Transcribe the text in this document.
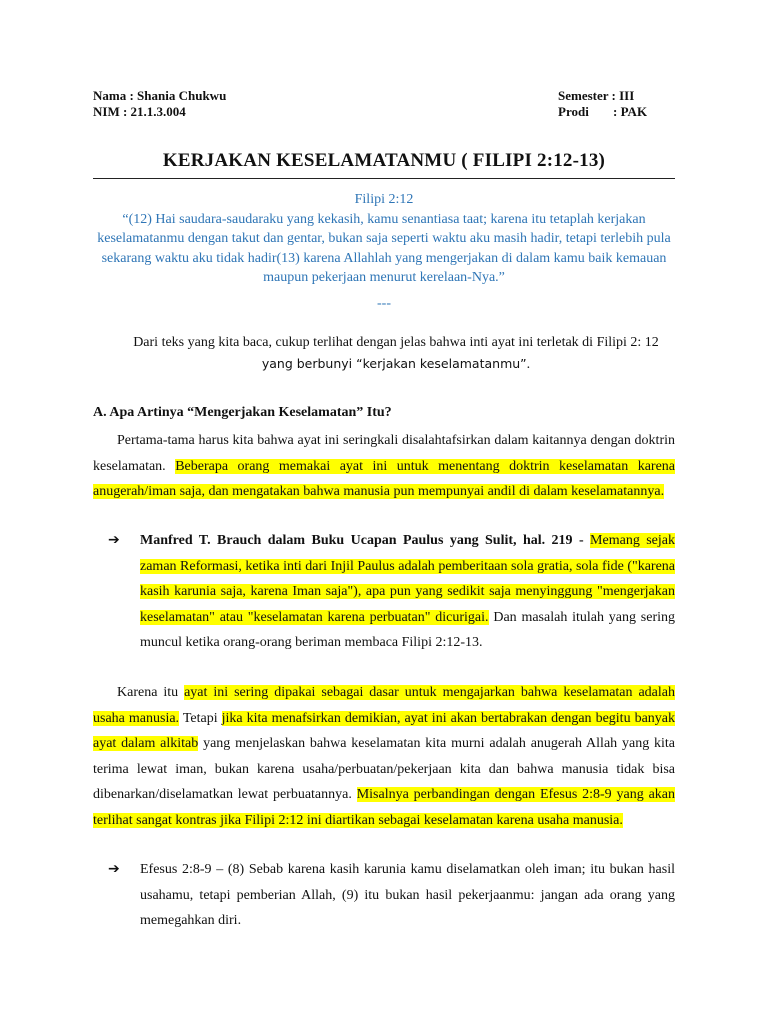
Nama : Shania Chukwu
NIM : 21.1.3.004
Semester : III
Prodi : PAK
KERJAKAN KESELAMATANMU ( FILIPI 2:12-13)
Filipi 2:12
“(12) Hai saudara-saudaraku yang kekasih, kamu senantiasa taat; karena itu tetaplah kerjakan keselamatanmu dengan takut dan gentar, bukan saja seperti waktu aku masih hadir, tetapi terlebih pula sekarang waktu aku tidak hadir(13) karena Allahlah yang mengerjakan di dalam kamu baik kemauan maupun pekerjaan menurut kerelaan-Nya.”
---
Dari teks yang kita baca, cukup terlihat dengan jelas bahwa inti ayat ini terletak di Filipi 2: 12 yang berbunyi “kerjakan keselamatanmu”.
A. Apa Artinya “Mengerjakan Keselamatan” Itu?
Pertama-tama harus kita bahwa ayat ini seringkali disalahtafsirkan dalam kaitannya dengan doktrin keselamatan. Beberapa orang memakai ayat ini untuk menentang doktrin keselamatan karena anugerah/iman saja, dan mengatakan bahwa manusia pun mempunyai andil di dalam keselamatannya.
➔	Manfred T. Brauch dalam Buku Ucapan Paulus yang Sulit, hal. 219 - Memang sejak zaman Reformasi, ketika inti dari Injil Paulus adalah pemberitaan sola gratia, sola fide ("karena kasih karunia saja, karena Iman saja"), apa pun yang sedikit saja menyinggung "mengerjakan keselamatan" atau "keselamatan karena perbuatan" dicurigai. Dan masalah itulah yang sering muncul ketika orang-orang beriman membaca Filipi 2:12-13.
Karena itu ayat ini sering dipakai sebagai dasar untuk mengajarkan bahwa keselamatan adalah usaha manusia. Tetapi jika kita menafsirkan demikian, ayat ini akan bertabrakan dengan begitu banyak ayat dalam alkitab yang menjelaskan bahwa keselamatan kita murni adalah anugerah Allah yang kita terima lewat iman, bukan karena usaha/perbuatan/pekerjaan kita dan bahwa manusia tidak bisa dibenarkan/diselamatkan lewat perbuatannya. Misalnya perbandingan dengan Efesus 2:8-9 yang akan terlihat sangat kontras jika Filipi 2:12 ini diartikan sebagai keselamatan karena usaha manusia.
➔	Efesus 2:8-9 – (8) Sebab karena kasih karunia kamu diselamatkan oleh iman; itu bukan hasil usahamu, tetapi pemberian Allah, (9) itu bukan hasil pekerjaanmu: jangan ada orang yang memegahkan diri.
